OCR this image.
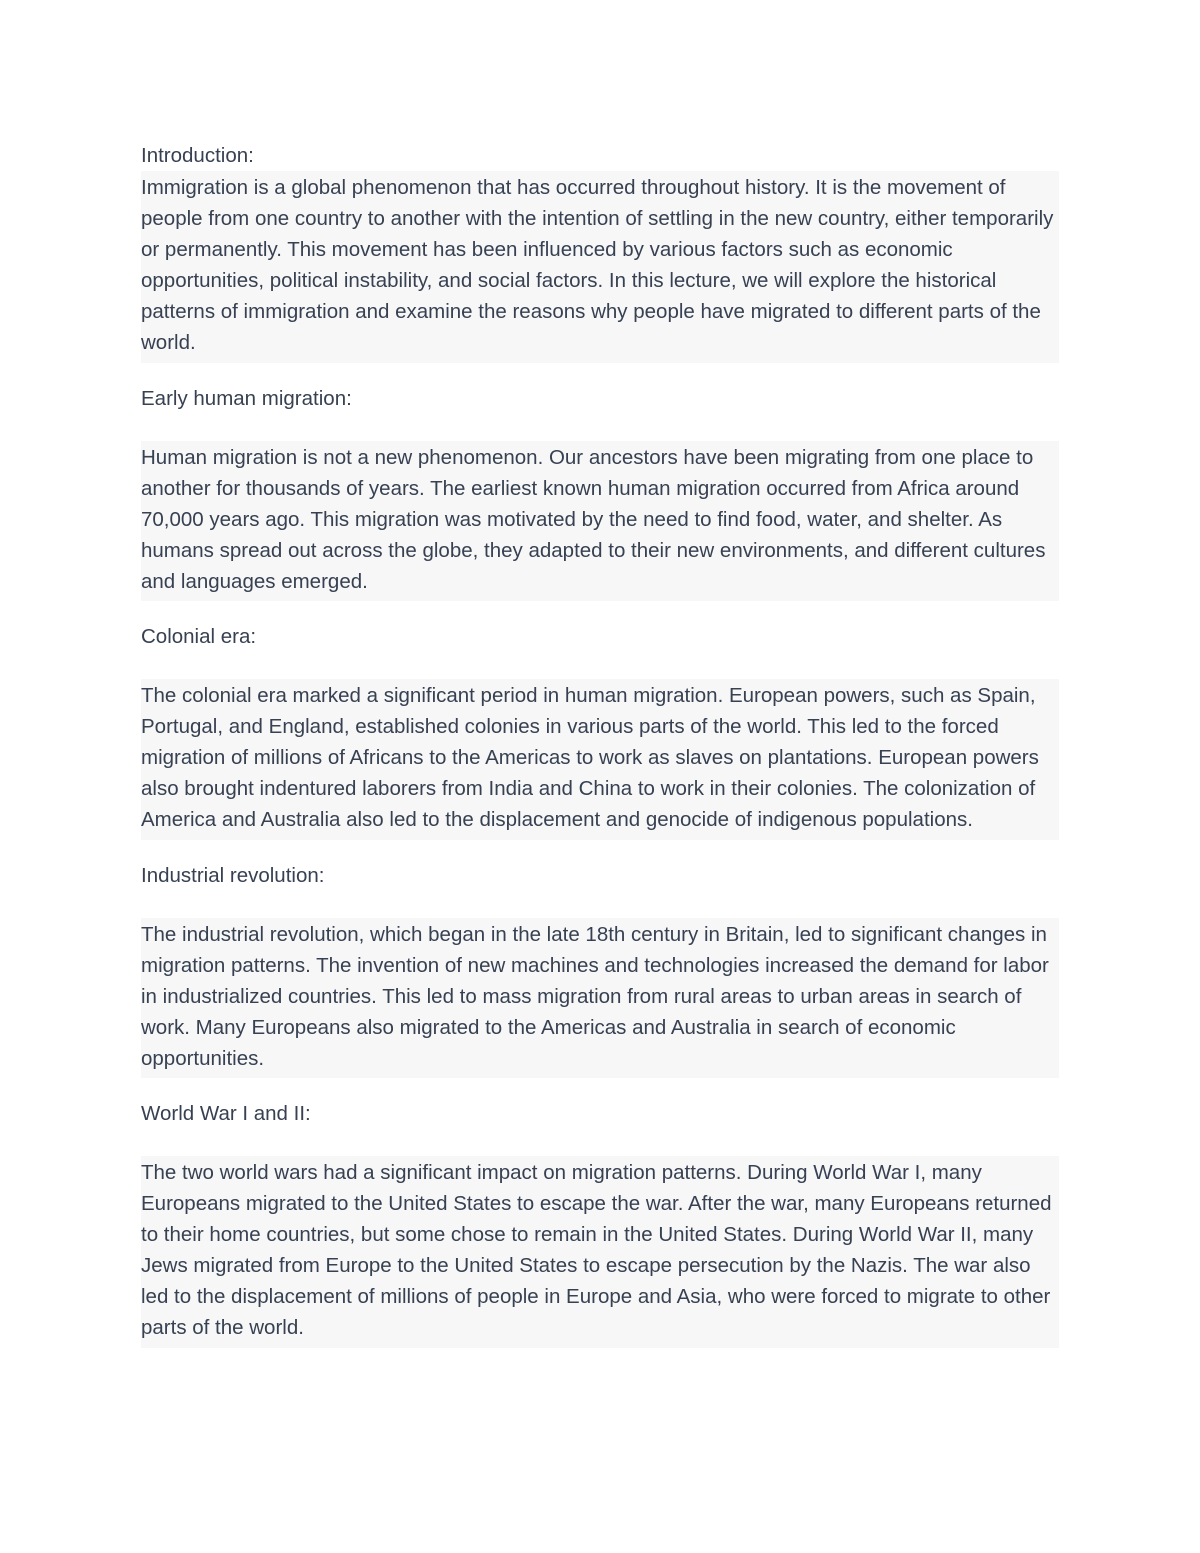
Introduction:

Immigration is a global phenomenon that has occurred throughout history. It is the movement of people from one country to another with the intention of settling in the new country, either temporarily or permanently. This movement has been influenced by various factors such as economic opportunities, political instability, and social factors. In this lecture, we will explore the historical patterns of immigration and examine the reasons why people have migrated to different parts of the world.

Early human migration:

Human migration is not a new phenomenon. Our ancestors have been migrating from one place to another for thousands of years. The earliest known human migration occurred from Africa around 70,000 years ago. This migration was motivated by the need to find food, water, and shelter. As humans spread out across the globe, they adapted to their new environments, and different cultures and languages emerged.

Colonial era:

The colonial era marked a significant period in human migration. European powers, such as Spain, Portugal, and England, established colonies in various parts of the world. This led to the forced migration of millions of Africans to the Americas to work as slaves on plantations. European powers also brought indentured laborers from India and China to work in their colonies. The colonization of America and Australia also led to the displacement and genocide of indigenous populations.

Industrial revolution:

The industrial revolution, which began in the late 18th century in Britain, led to significant changes in migration patterns. The invention of new machines and technologies increased the demand for labor in industrialized countries. This led to mass migration from rural areas to urban areas in search of work. Many Europeans also migrated to the Americas and Australia in search of economic opportunities.

World War I and II:

The two world wars had a significant impact on migration patterns. During World War I, many Europeans migrated to the United States to escape the war. After the war, many Europeans returned to their home countries, but some chose to remain in the United States. During World War II, many Jews migrated from Europe to the United States to escape persecution by the Nazis. The war also led to the displacement of millions of people in Europe and Asia, who were forced to migrate to other parts of the world.
